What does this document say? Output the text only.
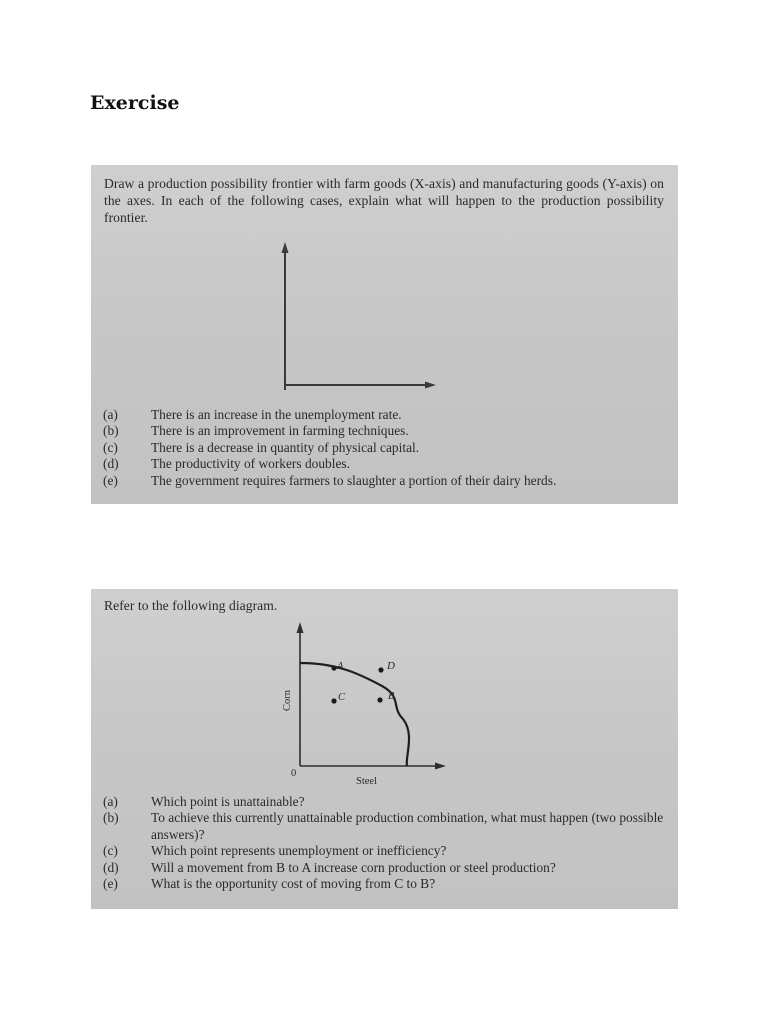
Exercise
Draw a production possibility frontier with farm goods (X-axis) and manufacturing goods (Y-axis) on the axes. In each of the following cases, explain what will happen to the production possibility frontier.
(a)	There is an increase in the unemployment rate.
(b)	There is an improvement in farming techniques.
(c)	There is a decrease in quantity of physical capital.
(d)	The productivity of workers doubles.
(e)	The government requires farmers to slaughter a portion of their dairy herds.
Refer to the following diagram.
A
B
C
D
Corn
0
Steel
(a)	Which point is unattainable?
(b)	To achieve this currently unattainable production combination, what must happen (two possible answers)?
(c)	Which point represents unemployment or inefficiency?
(d)	Will a movement from B to A increase corn production or steel production?
(e)	What is the opportunity cost of moving from C to B?
